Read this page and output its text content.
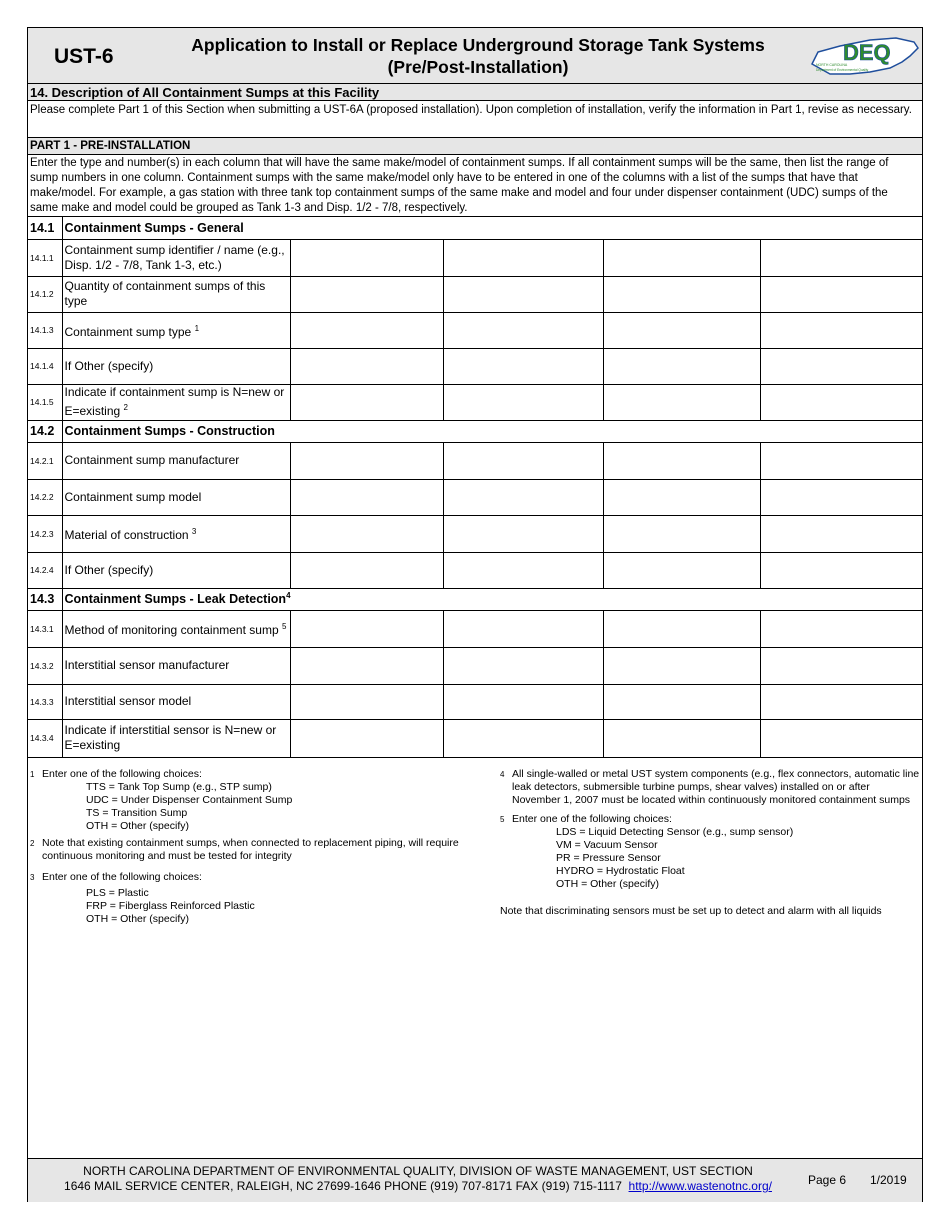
UST-6	Application to Install or Replace Underground Storage Tank Systems
(Pre/Post-Installation)
DEQ
NORTH CAROLINA
Department of Environmental Quality
14. Description of All Containment Sumps at this Facility
Please complete Part 1 of this Section when submitting a UST-6A (proposed installation). Upon completion of installation, verify the information in Part 1, revise as necessary.
PART 1 - PRE-INSTALLATION
Enter the type and number(s) in each column that will have the same make/model of containment sumps. If all containment sumps will be the same, then list the range of sump numbers in one column. Containment sumps with the same make/model only have to be entered in one of the columns with a list of the sumps that have that make/model. For example, a gas station with three tank top containment sumps of the same make and model and four under dispenser containment (UDC) sumps of the same make and model could be grouped as Tank 1-3 and Disp. 1/2 - 7/8, respectively.
14.1	Containment Sumps - General				
14.1.1	Containment sump identifier / name (e.g., Disp. 1/2 - 7/8, Tank 1-3, etc.)				
14.1.2	Quantity of containment sumps of this type				
14.1.3	Containment sump type $^1$				
14.1.4	If Other (specify)				
14.1.5	Indicate if containment sump is N=new or E=existing $^2$				
14.2	Containment Sumps - Construction				
14.2.1	Containment sump manufacturer				
14.2.2	Containment sump model				
14.2.3	Material of construction $^3$				
14.2.4	If Other (specify)				
14.3	Containment Sumps - Leak Detection$^4$
14.3.1	Method of monitoring containment sump $^5$				
14.3.2	Interstitial sensor manufacturer				
14.3.3	Interstitial sensor model				
14.3.4	Indicate if interstitial sensor is N=new or E=existing				
1 Enter one of the following choices:
TTS = Tank Top Sump (e.g., STP sump)
UDC = Under Dispenser Containment Sump
TS = Transition Sump
OTH = Other (specify)
2 Note that existing containment sumps, when connected to replacement piping, will require continuous monitoring and must be tested for integrity
3 Enter one of the following choices:
PLS = Plastic
FRP = Fiberglass Reinforced Plastic
OTH = Other (specify)
4 All single-walled or metal UST system components (e.g., flex connectors, automatic line leak detectors, submersible turbine pumps, shear valves) installed on or after November 1, 2007 must be located within continuously monitored containment sumps
5 Enter one of the following choices:
LDS = Liquid Detecting Sensor (e.g., sump sensor)
VM = Vacuum Sensor
PR = Pressure Sensor
HYDRO = Hydrostatic Float
OTH = Other (specify)
Note that discriminating sensors must be set up to detect and alarm with all liquids
NORTH CAROLINA DEPARTMENT OF ENVIRONMENTAL QUALITY, DIVISION OF WASTE MANAGEMENT, UST SECTION
1646 MAIL SERVICE CENTER, RALEIGH, NC 27699-1646 PHONE (919) 707-8171 FAX (919) 715-1117 http://www.wastenotnc.org/	Page 6 1/2019
